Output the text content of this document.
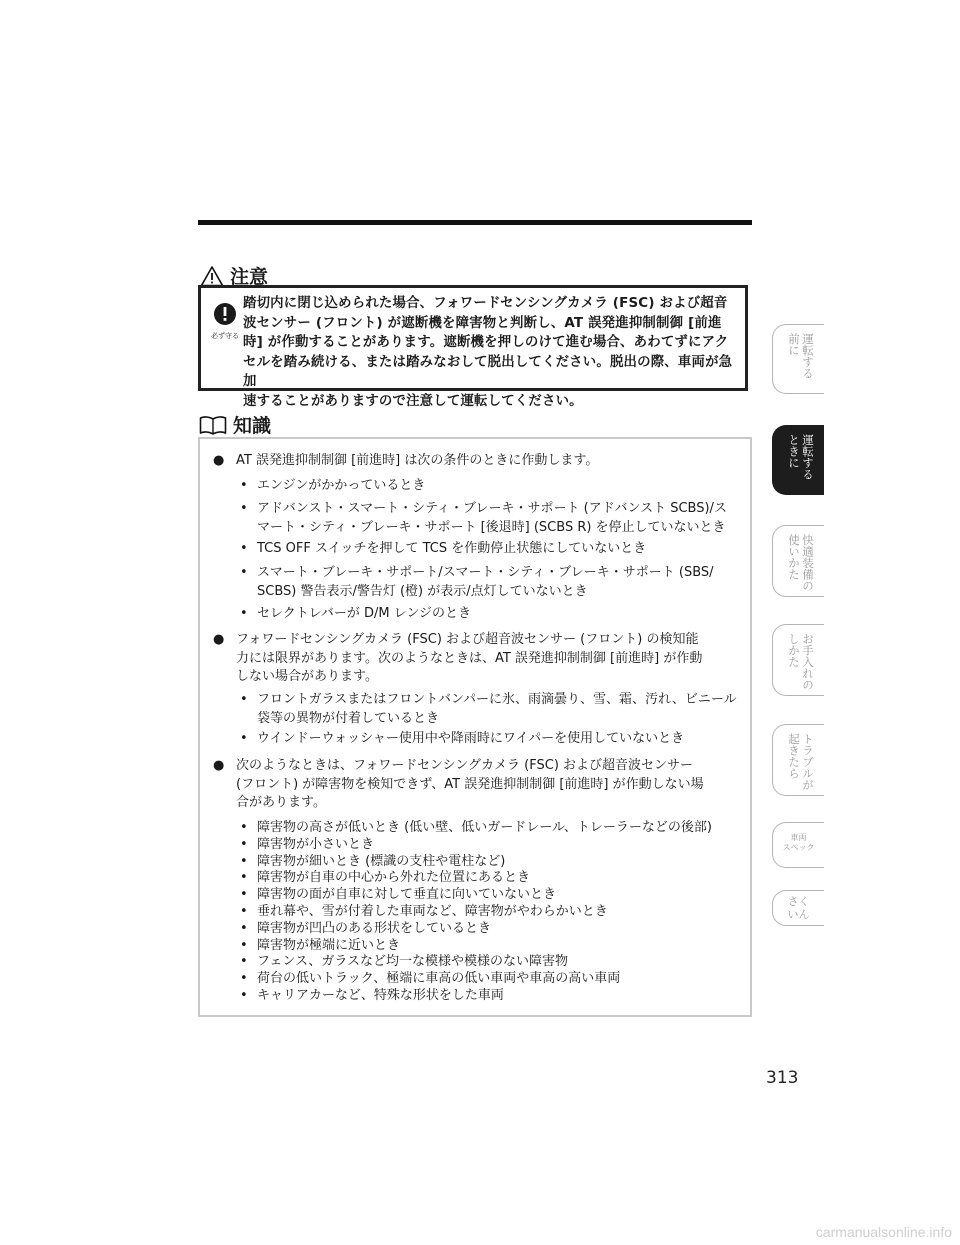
注意
必ず守る
踏切内に閉じ込められた場合、フォワードセンシングカメラ (FSC) および超音
波センサー (フロント) が遮断機を障害物と判断し、AT 誤発進抑制制御 [前進
時] が作動することがあります。遮断機を押しのけて進む場合、あわてずにアク
セルを踏み続ける、または踏みなおして脱出してください。脱出の際、車両が急加
速することがありますので注意して運転してください。
知識
● AT 誤発進抑制制御 [前進時] は次の条件のときに作動します。
• エンジンがかかっているとき
• アドバンスト・スマート・シティ・ブレーキ・サポート (アドバンスト SCBS)/ス
マート・シティ・ブレーキ・サポート [後退時] (SCBS R) を停止していないとき
• TCS OFF スイッチを押して TCS を作動停止状態にしていないとき
• スマート・ブレーキ・サポート/スマート・シティ・ブレーキ・サポート (SBS/
SCBS) 警告表示/警告灯 (橙) が表示/点灯していないとき
• セレクトレバーが D/M レンジのとき
● フォワードセンシングカメラ (FSC) および超音波センサー (フロント) の検知能
力には限界があります。次のようなときは、AT 誤発進抑制制御 [前進時] が作動
しない場合があります。
• フロントガラスまたはフロントバンパーに氷、雨滴曇り、雪、霜、汚れ、ビニール
袋等の異物が付着しているとき
• ウインドーウォッシャー使用中や降雨時にワイパーを使用していないとき
● 次のようなときは、フォワードセンシングカメラ (FSC) および超音波センサー
(フロント) が障害物を検知できず、AT 誤発進抑制制御 [前進時] が作動しない場
合があります。
• 障害物の高さが低いとき (低い壁、低いガードレール、トレーラーなどの後部)
• 障害物が小さいとき
• 障害物が細いとき (標識の支柱や電柱など)
• 障害物が自車の中心から外れた位置にあるとき
• 障害物の面が自車に対して垂直に向いていないとき
• 垂れ幕や、雪が付着した車両など、障害物がやわらかいとき
• 障害物が凹凸のある形状をしているとき
• 障害物が極端に近いとき
• フェンス、ガラスなど均一な模様や模様のない障害物
• 荷台の低いトラック、極端に車高の低い車両や車高の高い車両
• キャリアカーなど、特殊な形状をした車両
運転する
前に
運転する
ときに
快適装備の
使いかた
お手入れの
しかた
トラブルが
起きたら
車両
スペック
さく
いん
313
carmanualsonline.info
